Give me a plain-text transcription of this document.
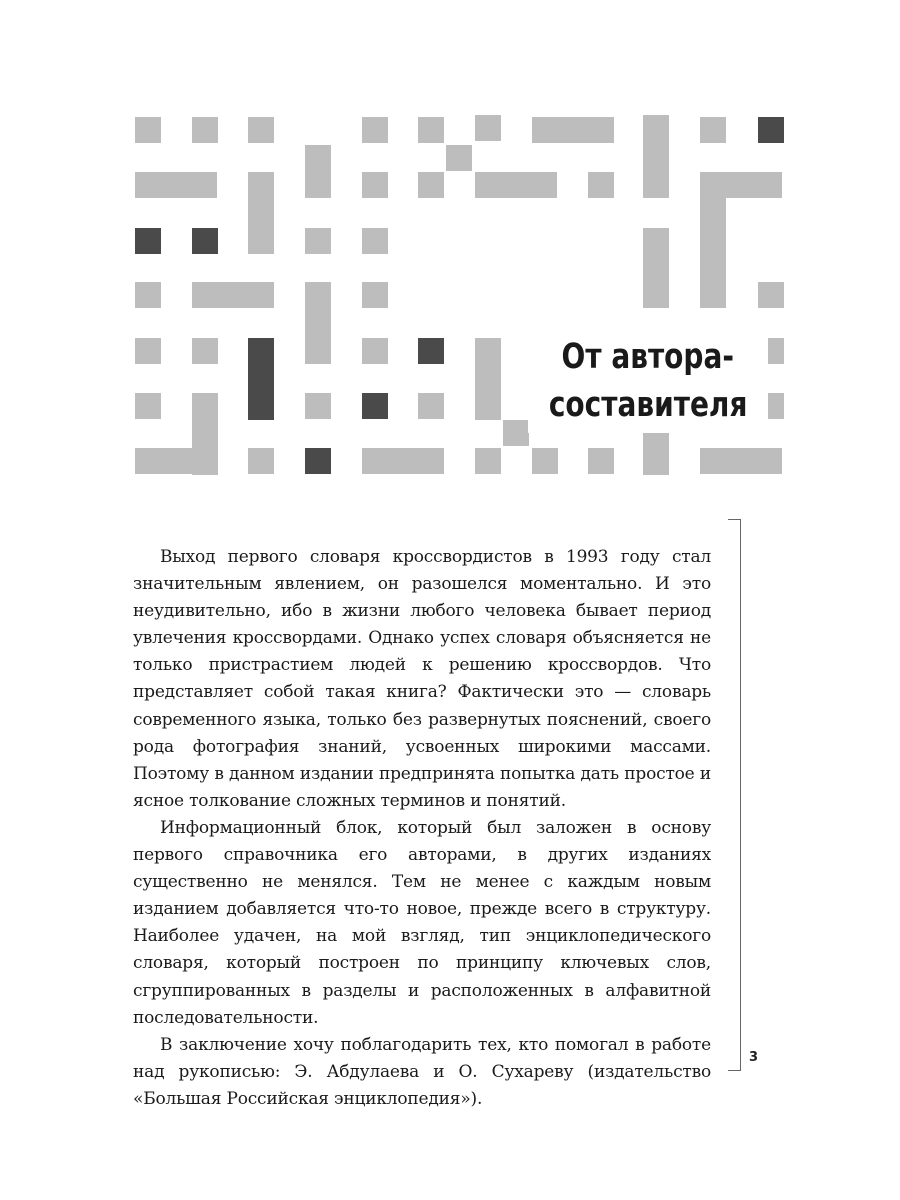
От автора-
составителя

Выход первого словаря кроссвордистов в 1993 году стал значительным явлением, он разошелся моментально. И это неудивительно, ибо в жизни любого человека бывает период увлечения кроссвордами. Однако успех словаря объясняется не только пристрастием людей к решению кроссвордов. Что представляет собой такая книга? Фактически это — словарь современного языка, только без развернутых пояснений, своего рода фотография знаний, усвоенных широкими массами. Поэтому в данном издании предпринята попытка дать простое и ясное толкование сложных терминов и понятий.

Информационный блок, который был заложен в основу первого справочника его авторами, в других изданиях существенно не менялся. Тем не менее с каждым новым изданием добавляется что-то новое, прежде всего в структуру. Наиболее удачен, на мой взгляд, тип энциклопедического словаря, который построен по принципу ключевых слов, сгруппированных в разделы и расположенных в алфавитной последовательности.

В заключение хочу поблагодарить тех, кто помогал в работе над рукописью: Э. Абдулаева и О. Сухареву (издательство «Большая Российская энциклопедия»).

3
